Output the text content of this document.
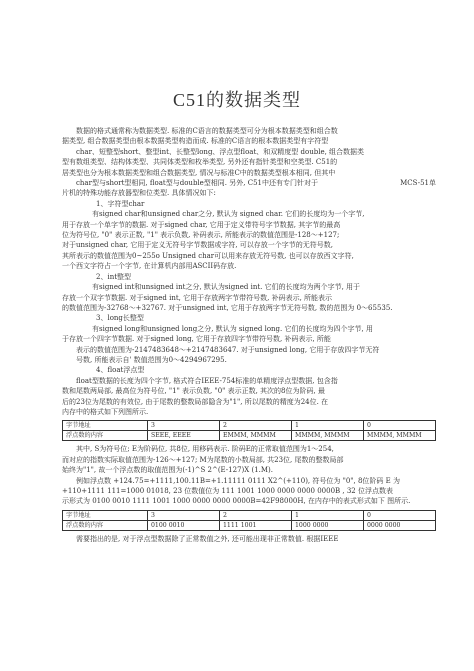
C51的数据类型

数据的格式通常称为数据类型. 标准的C语言的数据类型可分为根本数据类型和组合数

据类型, 组合数据类型由根本数据类型构造而成. 标准的C语言的根本数据类型有字符型

char、短整型short、整型int、长整型long、浮点型float、和双精度型 double, 组合数据类

型有数组类型、结构体类型、共同体类型和枚举类型, 另外还有指针类型和空类型. C51的

居类型也分为根本数据类型和组合数据类型, 情况与标准C中的数据类型根本相同, 但其中

char型与short型相同, float型与double型相同. 另外, C51中还有专门针对于	MCS-51单

片机的特殊功能存放器型和位类型. 具体情况如下:

1、字符型char

有signed char和unsigned char之分, 默认为 signed char. 它们的长度均为一个字节,

用于存放一个单字节的数据. 对于signed char, 它用于定义带符号字节数据, 其字节的最高

位为符号位, "0" 表示正数, "1" 表示负数, 补码表示, 所能表示的数值范围是-128〜+127;

对于unsigned char, 它用于定义无符号字节数据或字符, 可以存放一个字节的无符号数,

其所表示的数值范围为0~255o Unsigned char可以用来存放无符号数, 也可以存放西文字符,

一个西文字符占一个字节, 在计算机内部用ASCII码存放.

2、int整型

有signed int和unsigned int之分, 默认为signed int. 它们的长度均为两个字节, 用于

存放一个双字节数据. 对于signed int, 它用于存放两字节带符号数, 补码表示, 所能表示

的数值范围为-32768〜+32767. 对于unsigned int, 它用于存放两字节无符号数, 数的范围为 0〜65535.

3、long长整型

有signed long和unsigned long之分, 默认为 signed long. 它们的长度均为四个字节, 用

于存放一个四字节数据. 对于signed long, 它用于存放四字节带符号数, 补码表示, 所能

表示的数值范围为-2147483648〜+2147483647. 对于unsigned long, 它用于存放四字节无符

号数, 所能表示自' 数值范围为0〜4294967295.

4、float浮点型

float型数据的长度为四个字节, 格式符合IEEE-754标准的单精度浮点型数据, 包含指

数和尾数两局部, 最高位为符号位, "1" 表示负数, "0" 表示正数, 其次的8位为阶码, 最

后的23位为尾数的有效位, 由于尾数的整数局部隐含为"1", 所以尾数的精度为24位. 在

内存中的格式如下列图所示.

字节地址	3	2	1	0
浮点数的内容	SEEE, EEEE	EMMM, MMMM	MMMM, MMMM	MMMM, MMMM

其中, S为符号位; E为阶码位, 共8位, 用移码表示. 阶码E的正常取值范围为1〜254,

而对应的指数实际取值范围为-126〜+127; M为尾数的小数局部, 共23位, 尾数的整数局部

始终为"1", 故一个浮点数的取值范围为(-1)^S 2^(E-127)X (1.M).

例如浮点数 +124.75=+1111,100.11B=+1.11111 0111 X2^(+110), 符号位为 "0", 8位阶码 E 为

+110+1111 111=1000 01018, 23 位数值位为 111 1001 1000 0000 0000 0000B , 32 位浮点数表

示形式为 0100 0010 1111 1001 1000 0000 0000 0000B=42F98000H, 在内存中的表式形式如下 图所示.

字节地址	3	2	1	0
浮点数的内容	0100 0010	1111 1001	1000 0000	0000 0000

需要指出的是, 对于浮点型数据除了正常数值之外, 还可能出现非正常数值. 根据IEEE
